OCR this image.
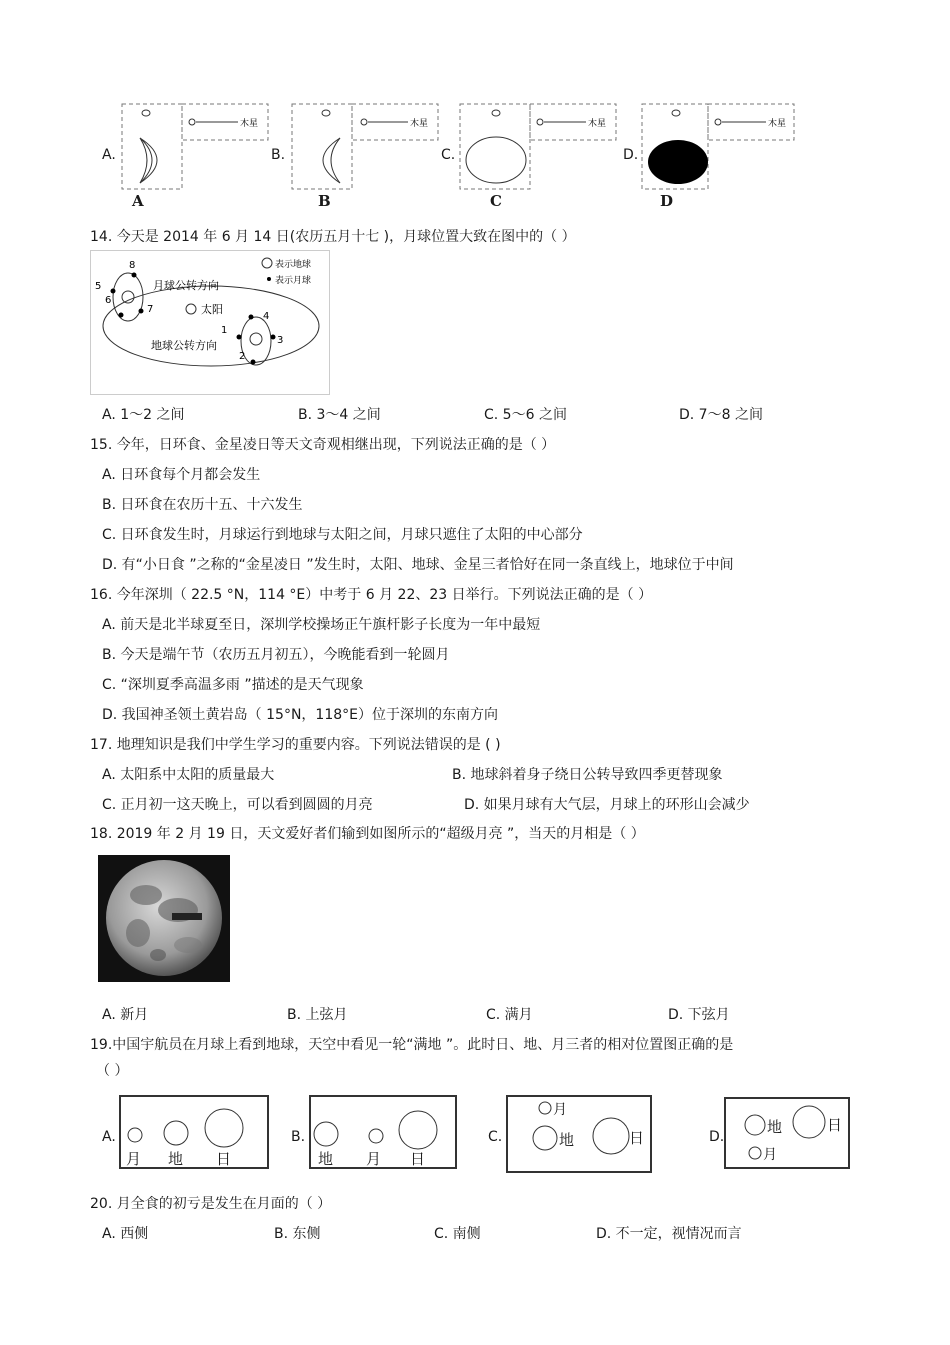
A.
木星
A
B.
木星
B
C.
木星
C
D.
木星
D
14. 今天是 2014 年 6 月 14 日(农历五月十七 )，月球位置大致在图中的（ ）
8
5
6
7
4
3
2
1
月球公转方向
地球公转方向
太阳
表示地球
表示月球
A. 1～2 之间	B. 3～4 之间	C. 5～6 之间	D. 7～8 之间
15. 今年，日环食、金星凌日等天文奇观相继出现，下列说法正确的是（ ）
A. 日环食每个月都会发生
B. 日环食在农历十五、十六发生
C. 日环食发生时，月球运行到地球与太阳之间，月球只遮住了太阳的中心部分
D. 有“小日食 ”之称的“金星凌日 ”发生时，太阳、地球、金星三者恰好在同一条直线上，地球位于中间
16. 今年深圳（ 22.5 °N，114 °E）中考于 6 月 22、23 日举行。下列说法正确的是（ ）
A. 前天是北半球夏至日，深圳学校操场正午旗杆影子长度为一年中最短
B. 今天是端午节（农历五月初五），今晚能看到一轮圆月
C. “深圳夏季高温多雨 ”描述的是天气现象
D. 我国神圣领土黄岩岛（ 15°N，118°E）位于深圳的东南方向
17. 地理知识是我们中学生学习的重要内容。下列说法错误的是 ( )
A. 太阳系中太阳的质量最大	B. 地球斜着身子绕日公转导致四季更替现象
C. 正月初一这天晚上，可以看到圆圆的月亮	D. 如果月球有大气层，月球上的环形山会减少
18. 2019 年 2 月 19 日，天文爱好者们输到如图所示的“超级月亮 ”，当天的月相是（ ）
A. 新月	B. 上弦月	C. 满月	D. 下弦月
19.中国宇航员在月球上看到地球，天空中看见一轮“满地 ”。此时日、地、月三者的相对位置图正确的是
（ ）
A.
月 地 日
B.
地 月 日
C.
月
地	日	D.
地	日
月
20. 月全食的初亏是发生在月面的（ ）
A. 西侧	B. 东侧	C. 南侧	D. 不一定，视情况而言
